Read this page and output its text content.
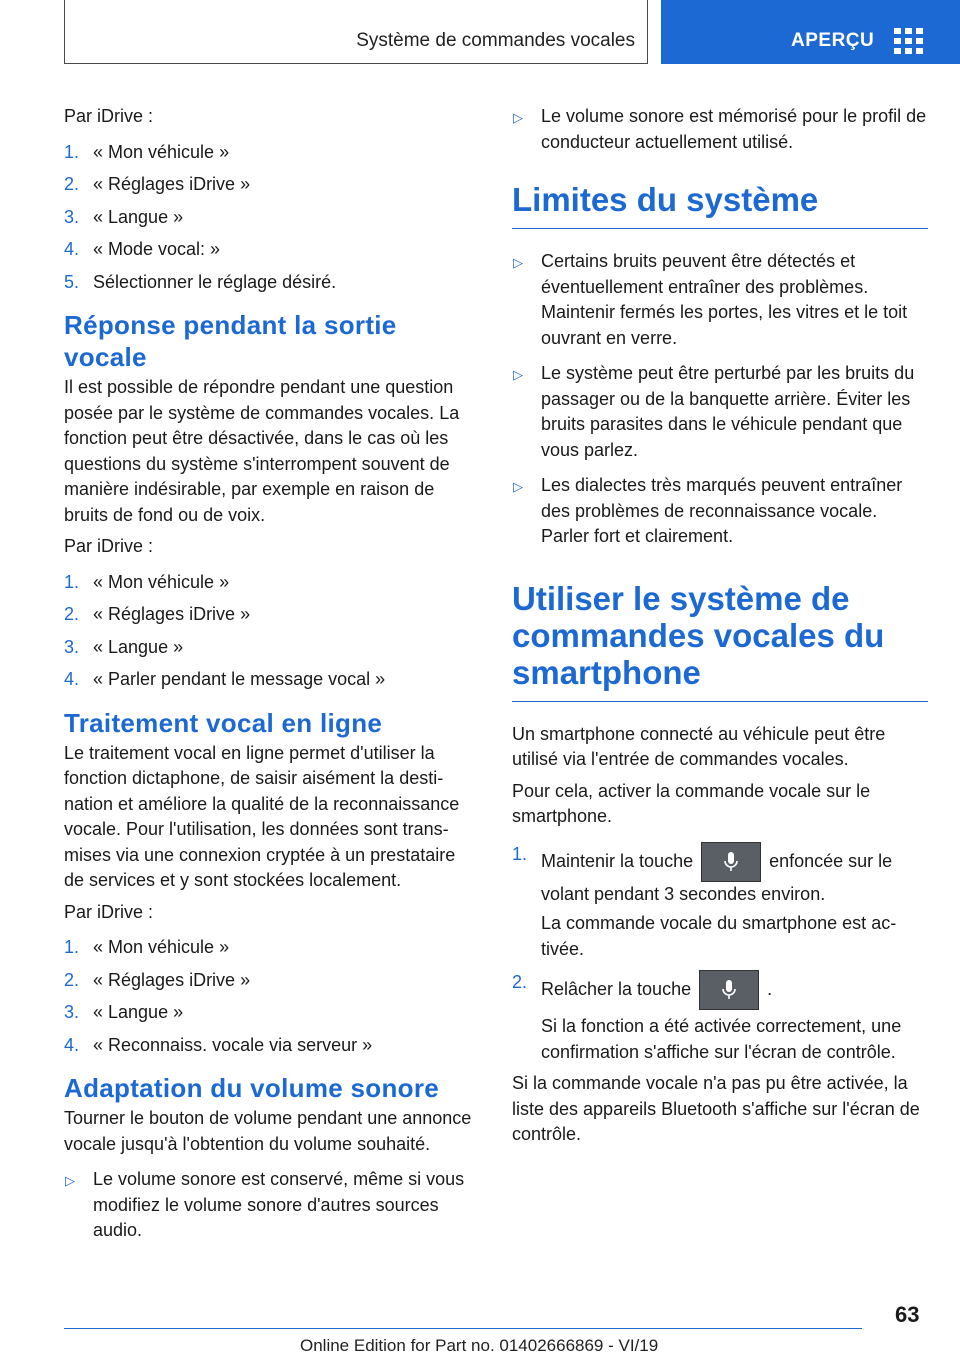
Système de commandes vocales	APERÇU

Par iDrive :

1. « Mon véhicule »
2. « Réglages iDrive »
3. « Langue »
4. « Mode vocal: »
5. Sélectionner le réglage désiré.
Réponse pendant la sortie vocale

Il est possible de répondre pendant une question posée par le système de commandes vocales. La fonction peut être désactivée, dans le cas où les questions du système s'interrompent souvent de manière indésirable, par exemple en raison de bruits de fond ou de voix.

Par iDrive :

1. « Mon véhicule »
2. « Réglages iDrive »
3. « Langue »
4. « Parler pendant le message vocal »
Traitement vocal en ligne

Le traitement vocal en ligne permet d'utiliser la fonction dictaphone, de saisir aisément la destination et améliore la qualité de la reconnaissance vocale. Pour l'utilisation, les données sont transmises via une connexion cryptée à un prestataire de services et y sont stockées localement.

Par iDrive :

1. « Mon véhicule »
2. « Réglages iDrive »
3. « Langue »
4. « Reconnaiss. vocale via serveur »
Adaptation du volume sonore

Tourner le bouton de volume pendant une annonce vocale jusqu'à l'obtention du volume souhaité.

▷ Le volume sonore est conservé, même si vous modifiez le volume sonore d'autres sources audio.
▷ Le volume sonore est mémorisé pour le profil de conducteur actuellement utilisé.
Limites du système
▷ Certains bruits peuvent être détectés et éventuellement entraîner des problèmes. Maintenir fermés les portes, les vitres et le toit ouvrant en verre.
▷ Le système peut être perturbé par les bruits du passager ou de la banquette arrière. Éviter les bruits parasites dans le véhicule pendant que vous parlez.
▷ Les dialectes très marqués peuvent entraîner des problèmes de reconnaissance vocale. Parler fort et clairement.
Utiliser le système de commandes vocales du smartphone

Un smartphone connecté au véhicule peut être utilisé via l'entrée de commandes vocales.

Pour cela, activer la commande vocale sur le smartphone.

1. Maintenir la touche	enfoncée sur le volant pendant 3 secondes environ.

La commande vocale du smartphone est activée.

2. Relâcher la touche	.

Si la fonction a été activée correctement, une confirmation s'affiche sur l'écran de contrôle.

Si la commande vocale n'a pas pu être activée, la liste des appareils Bluetooth s'affiche sur l'écran de contrôle.

63
Online Edition for Part no. 01402666869 - VI/19
